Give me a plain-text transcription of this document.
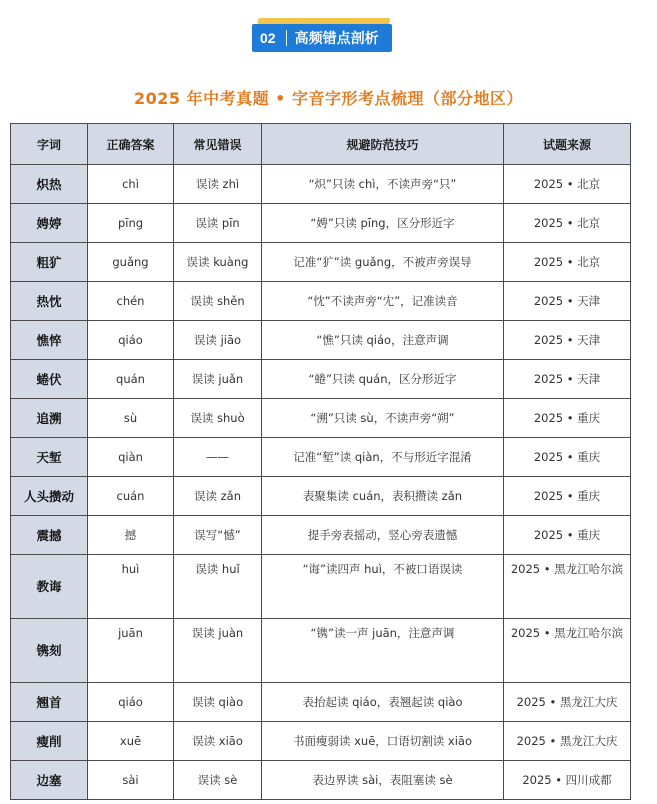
02 高频错点剖析
2025 年中考真题 • 字音字形考点梳理（部分地区）
字词	正确答案	常见错误	规避防范技巧	试题来源
炽热	chì	误读 zhì	“炽”只读 chì，不读声旁“只”	2025 • 北京
娉婷	pīng	误读 pīn	“娉”只读 pīng，区分形近字	2025 • 北京
粗犷	guǎng	误读 kuàng	记准“犷”读 guǎng，不被声旁误导	2025 • 北京
热忱	chén	误读 shěn	“忱”不读声旁“冘”，记准读音	2025 • 天津
憔悴	qiáo	误读 jiāo	“憔”只读 qiáo，注意声调	2025 • 天津
蜷伏	quán	误读 juǎn	“蜷”只读 quán，区分形近字	2025 • 天津
追溯	sù	误读 shuò	“溯”只读 sù，不读声旁“朔”	2025 • 重庆
天堑	qiàn	——	记准“堑”读 qiàn，不与形近字混淆	2025 • 重庆
人头攒动	cuán	误读 zǎn	表聚集读 cuán，表积攒读 zǎn	2025 • 重庆
震撼	撼	误写“憾”	提手旁表摇动，竖心旁表遗憾	2025 • 重庆
教诲	huì	误读 huǐ	“诲”读四声 huì，不被口语误读	2025 • 黑龙江哈尔滨
镌刻	juān	误读 juàn	“镌”读一声 juān，注意声调	2025 • 黑龙江哈尔滨
翘首	qiáo	误读 qiào	表抬起读 qiáo，表翘起读 qiào	2025 • 黑龙江大庆
瘦削	xuē	误读 xiāo	书面瘦弱读 xuē，口语切割读 xiāo	2025 • 黑龙江大庆
边塞	sài	误读 sè	表边界读 sài，表阻塞读 sè	2025 • 四川成都
